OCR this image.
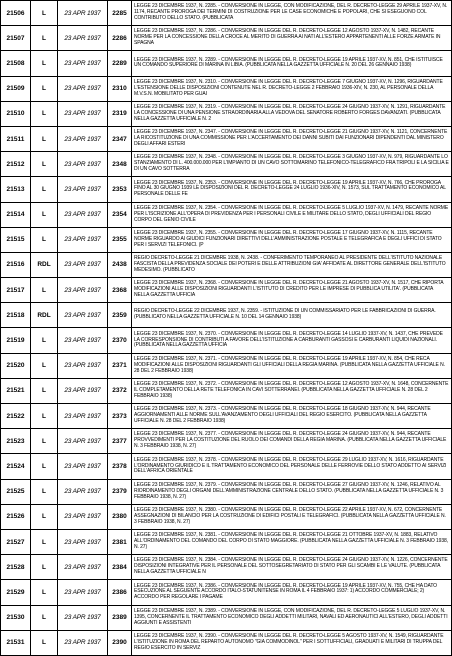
21506	L	23 APR 1937	2285	LEGGE 23 DICEMBRE 1937, N. 2285. - CONVERSIONE IN LEGGE, CON MODIFICAZIONE, DEL R. DECRETO-LEGGE 29 APRILE 1937-XV, N. 1174, RECANTE PROROGA DEI TERMINI DI COSTRUZIONE PER LE CASE ECONOMICHE E POPOLARI, CHE SI ESEGUONO COL CONTRIBUTO DELLO STATO. (PUBBLICATA

21507	L	23 APR 1937	2286	LEGGE 23 DICEMBRE 1937, N. 2286. - CONVERSIONE IN LEGGE DEL R. DECRETO-LEGGE 12 AGOSTO 1937-XV, N. 1482, RECANTE NORME PER LA CONCESSIONE DELLA CROCE AL MERITO DI GUERRA AI NATI ALL'ESTERO APPARTENENTI ALLE FORZE ARMATE IN SPAGNA

21508	L	23 APR 1937	2289	LEGGE 23 DICEMBRE 1937, N. 2289. - CONVERSIONE IN LEGGE DEL R. DECRETO-LEGGE 19 APRILE 1937-XV, N. 851, CHE ISTITUISCE UN COMANDO SUPERIORE DI MARINA IN LIBIA. (PUBBLICATA NELLA GAZZETTA UFFICIALE N. 20 DEL 26 GENNAIO 1938)

21509	L	23 APR 1937	2310	LEGGE 23 DICEMBRE 1937, N. 2310. - CONVERSIONE IN LEGGE DEL R. DECRETO-LEGGE 7 GIUGNO 1937-XV, N. 1296, RIGUARDANTE L'ESTENSIONE DELLE DISPOSIZIONI CONTENUTE NEL R. DECRETO-LEGGE 2 FEBBRAIO 1936-XIV, N. 230, AL PERSONALE DELLA M.V.S.N. MOBILITATO PER GUAI

21510	L	23 APR 1937	2319	LEGGE 23 DICEMBRE 1937, N. 2319. - CONVERSIONE IN LEGGE DEL R. DECRETO-LEGGE 24 GIUGNO 1937-XV, N. 1291, RIGUARDANTE LA CONCESSIONE DI UNA PENSIONE STRAORDINARIA ALLA VEDOVA DEL SENATORE ROBERTO FORGES DAVANZATI. (PUBBLICATA NELLA GAZZETTA UFFICIALE N. 2

21511	L	23 APR 1937	2347	LEGGE 23 DICEMBRE 1937, N. 2347. - CONVERSIONE IN LEGGE DEL R. DECRETO-LEGGE 21 GIUGNO 1937-XV, N. 1121, CONCERNENTE LA RICOSTITUZIONE DI UNA COMMISSIONE PER L'ACCERTAMENTO DEI DANNI SUBITI DAI FUNZIONARI DIPENDENTI DAL MINISTERO DEGLI AFFARI ESTERI

21512	L	23 APR 1937	2348	LEGGE 23 DICEMBRE 1937, N. 2348. - CONVERSIONE IN LEGGE DEL R. DECRETO-LEGGE 3 GIUGNO 1937-XV, N. 979, RIGUARDANTE LO STANZIAMENTO DI L. 400.000.000 PER L'IMPIANTO DI UN CAVO SOTTOMARINO TELEFONICO-TELEGRAFICO FRA TRIPOLI E LA SICILIA E DI UN CAVO SOTTERRA

21513	L	23 APR 1937	2353	LEGGE 23 DICEMBRE 1937, N. 2353. - CONVERSIONE IN LEGGE DEL R. DECRETO-LEGGE 19 APRILE 1937-XV, N. 766, CHE PROROGA FINO AL 30 GIUGNO 1939 LE DISPOSIZIONI DEL R. DECRETO-LEGGE 24 LUGLIO 1936-XIV, N. 1573, SUL TRATTAMENTO ECONOMICO AL PERSONALE DELLE FE

21514	L	23 APR 1937	2354	LEGGE 23 DICEMBRE 1937, N. 2354. - CONVERSIONE IN LEGGE DEL R. DECRETO-LEGGE 5 LUGLIO 1937-XV, N. 1479, RECANTE NORME PER L'ISCRIZIONE ALL'OPERA DI PREVIDENZA PER I PERSONALI CIVILE E MILITARE DELLO STATO, DEGLI UFFICIALI DEL REGIO CORPO DEL GENIO CIVILE

21515	L	23 APR 1937	2355	LEGGE 23 DICEMBRE 1937, N. 2355. - CONVERSIONE IN LEGGE DEL R. DECRETO-LEGGE 17 GIUGNO 1937-XV, N. 1115, RECANTE NORME RIGUARDO AI GIUDICI FUNZIONARI DIRETTIVI DELL'AMMINISTRAZIONE POSTALE E TELEGRAFICA E DEGLI UFFICI DI STATO PER I SERVIZI TELEFONICI. (P

21516	RDL	23 APR 1937	2438	REGIO DECRETO-LEGGE 21 DICEMBRE 1938, N. 2438. - CONFERIMENTO TEMPORANEO AL PRESIDENTE DELL'ISTITUTO NAZIONALE FASCISTA DELLA PREVIDENZA SOCIALE DEI POTERI E DELLE ATTRIBUZIONI GIA' AFFIDATE AL DIRETTORE GENERALE DELL'ISTITUTO MEDESIMO. (PUBBLICATO

21517	L	23 APR 1937	2368	LEGGE 23 DICEMBRE 1937, N. 2368. - CONVERSIONE IN LEGGE DEL R. DECRETO-LEGGE 21 AGOSTO 1937-XV, N. 1517, CHE RIPORTA MODIFICAZIONI ALLE DISPOSIZIONI RIGUARDANTI L'ISTITUTO DI CREDITO PER LE IMPRESE DI PUBBLICA UTILITA'. (PUBBLICATA NELLA GAZZETTA UFFICIA

21518	RDL	23 APR 1937	2359	REGIO DECRETO-LEGGE 22 DICEMBRE 1937, N. 2359. - ISTITUZIONE DI UN COMMISSARIATO PER LE FABBRICAZIONI DI GUERRA. (PUBBLICATO NELLA GAZZETTA UFFICIALE N. 10 DEL 14 GENNAIO 1938)

21519	L	23 APR 1937	2370	LEGGE 23 DICEMBRE 1937, N. 2370. - CONVERSIONE IN LEGGE DEL R. DECRETO-LEGGE 14 LUGLIO 1937-XV, N. 1437, CHE PREVEDE LA CORRESPONSIONE DI CONTRIBUTI A FAVORE DELL'ISTITUZIONE A CARBURANTI GASSOSI E CARBURANTI LIQUIDI NAZIONALI. (PUBBLICATA NELLA GAZZETTA UFFICIA

21520	L	23 APR 1937	2371	LEGGE 23 DICEMBRE 1937, N. 2371. - CONVERSIONE IN LEGGE DEL R. DECRETO-LEGGE 19 APRILE 1937-XV, N. 854, CHE RECA MODIFICAZIONI ALLE DISPOSIZIONI RIGUARDANTI GLI UFFICIALI DELLA REGIA MARINA. (PUBBLICATA NELLA GAZZETTA UFFICIALE N. 28 DEL 2 FEBBRAIO 1938)

21521	L	23 APR 1937	2372	LEGGE 23 DICEMBRE 1937, N. 2372. - CONVERSIONE IN LEGGE DEL R. DECRETO-LEGGE 12 AGOSTO 1937-XV, N. 1648, CONCERNENTE IL COMPLETAMENTO DELLA RETE TELEFONICA IN CAVI SOTTERRANEI. (PUBBLICATA NELLA GAZZETTA UFFICIALE N. 28 DEL 2 FEBBRAIO 1938)

21522	L	23 APR 1937	2373	LEGGE 23 DICEMBRE 1937, N. 2373. - CONVERSIONE IN LEGGE DEL R. DECRETO-LEGGE 18 GIUGNO 1937-XV, N. 944, RECANTE AGGIORNAMENTI ALLE NORME SULL'AVANZAMENTO DEGLI UFFICIALI DEL REGIO ESERCITO. (PUBBLICATA NELLA GAZZETTA UFFICIALE N. 28 DEL 2 FEBBRAIO 1938)

21523	L	23 APR 1937	2377	LEGGE 23 DICEMBRE 1937, N. 2377. - CONVERSIONE IN LEGGE DEL R. DECRETO-LEGGE 24 GIUGNO 1937-XV, N. 944, RECANTE PROVVEDIMENTI PER LA COSTITUZIONE DEL RUOLO DEI COMANDI DELLA REGIA MARINA. (PUBBLICATA NELLA GAZZETTA UFFICIALE N. 3 FEBBRAIO 1938, N. 27)

21524	L	23 APR 1937	2378	LEGGE 23 DICEMBRE 1937, N. 2378. - CONVERSIONE IN LEGGE DEL R. DECRETO-LEGGE 29 LUGLIO 1937-XV, N. 1616, RIGUARDANTE L'ORDINAMENTO GIURIDICO E IL TRATTAMENTO ECONOMICO DEL PERSONALE DELLE FERROVIE DELLO STATO ADDETTO AI SERVIZI DELL'AFRICA ORIENTALE

21525	L	23 APR 1937	2379	LEGGE 23 DICEMBRE 1937, N. 2379. - CONVERSIONE IN LEGGE DEL R. DECRETO-LEGGE 27 GIUGNO 1937-XV, N. 1246, RELATIVO AL RIORDINAMENTO DEGLI ORGANI DELL'AMMINISTRAZIONE CENTRALE DELLO STATO. (PUBBLICATA NELLA GAZZETTA UFFICIALE N. 3 FEBBRAIO 1938, N. 27)

21526	L	23 APR 1937	2380	LEGGE 23 DICEMBRE 1937, N. 2380. - CONVERSIONE IN LEGGE DEL R. DECRETO-LEGGE 22 APRILE 1937-XV, N. 672, CONCERNENTE ASSEGNAZIONI DI BILANCIO PER LA COSTRUZIONE DI EDIFICI POSTALI E TELEGRAFICI. (PUBBLICATA NELLA GAZZETTA UFFICIALE N. 3 FEBBRAIO 1938, N. 27)

21527	L	23 APR 1937	2381	LEGGE 23 DICEMBRE 1937, N. 2381. - CONVERSIONE IN LEGGE DEL R. DECRETO-LEGGE 21 OTTOBRE 1937-XV, N. 1883, RELATIVO ALL'ORDINAMENTO DEL COMANDO DEL CORPO DI STATO MAGGIORE. (PUBBLICATA NELLA GAZZETTA UFFICIALE N. 3 FEBBRAIO 1938, N. 27)

21528	L	23 APR 1937	2384	LEGGE 23 DICEMBRE 1937, N. 2384. - CONVERSIONE IN LEGGE DEL R. DECRETO-LEGGE 24 GIUGNO 1937-XV, N. 1226, CONCERNENTE DISPOSIZIONI INTEGRATIVE PER IL PERSONALE DEL SOTTOSEGRETARIATO DI STATO PER GLI SCAMBI E LE VALUTE. (PUBBLICATA NELLA GAZZETTA UFFICIALE N

21529	L	23 APR 1937	2386	LEGGE 23 DICEMBRE 1937, N. 2386. - CONVERSIONE IN LEGGE DEL R. DECRETO-LEGGE 19 APRILE 1937-XV, N. 755, CHE HA DATO ESECUZIONE AL SEGUENTE ACCORDO ITALO-STATUNITENSE IN ROMA IL 4 FEBBRAIO 1937: 1) ACCORDO COMMERCIALE; 2) ACCORDO PER REGOLARE I PAGAME

21530	L	23 APR 1937	2389	LEGGE 23 DICEMBRE 1937, N. 2389. - CONVERSIONE IN LEGGE, CON MODIFICAZIONE, DEL R. DECRETO-LEGGE 5 LUGLIO 1937-XV, N. 1395, CONCERNENTE IL TRATTAMENTO ECONOMICO DEGLI ADDETTI MILITARI, NAVALI ED AERONAUTICI ALL'ESTERO, DEGLI ADDETTI AGGIUNTI E ASSISTENTI

21531	L	23 APR 1937	2390	LEGGE 23 DICEMBRE 1937, N. 2390. - CONVERSIONE IN LEGGE DEL R. DECRETO-LEGGE 5 AGOSTO 1937-XV, N. 1549, RIGUARDANTE L'ISTITUZIONE IN ROMA DEL REPARTO AUTONOMO "GIA COMMODINOL" PER I SOTTUFFICIALI, GRADUATI E MILITARI DI TRUPPA DEL REGIO ESERCITO IN SERVIZ
